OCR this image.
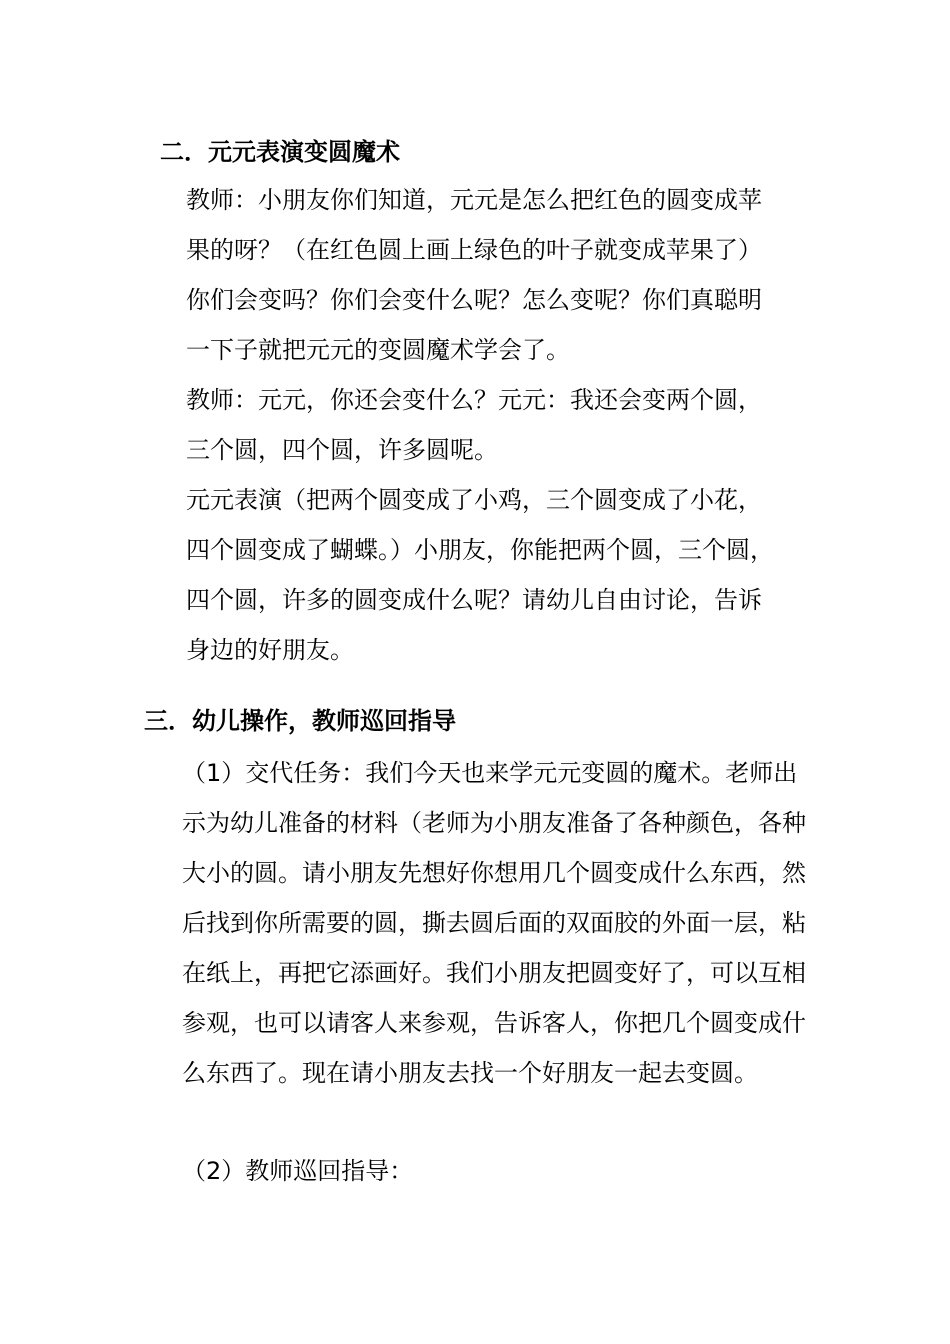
二．元元表演变圆魔术
教师：小朋友你们知道，元元是怎么把红色的圆变成苹
果的呀？（在红色圆上画上绿色的叶子就变成苹果了）
你们会变吗？你们会变什么呢？怎么变呢？你们真聪明
一下子就把元元的变圆魔术学会了。
教师：元元，你还会变什么？元元：我还会变两个圆，
三个圆，四个圆，许多圆呢。
元元表演（把两个圆变成了小鸡，三个圆变成了小花，
四个圆变成了蝴蝶。）小朋友，你能把两个圆，三个圆，
四个圆，许多的圆变成什么呢？请幼儿自由讨论，告诉
身边的好朋友。
三．幼儿操作，教师巡回指导
（1）交代任务：我们今天也来学元元变圆的魔术。老师出
示为幼儿准备的材料（老师为小朋友准备了各种颜色，各种
大小的圆。请小朋友先想好你想用几个圆变成什么东西，然
后找到你所需要的圆，撕去圆后面的双面胶的外面一层，粘
在纸上，再把它添画好。我们小朋友把圆变好了，可以互相
参观，也可以请客人来参观，告诉客人，你把几个圆变成什
么东西了。现在请小朋友去找一个好朋友一起去变圆。
（2）教师巡回指导：
